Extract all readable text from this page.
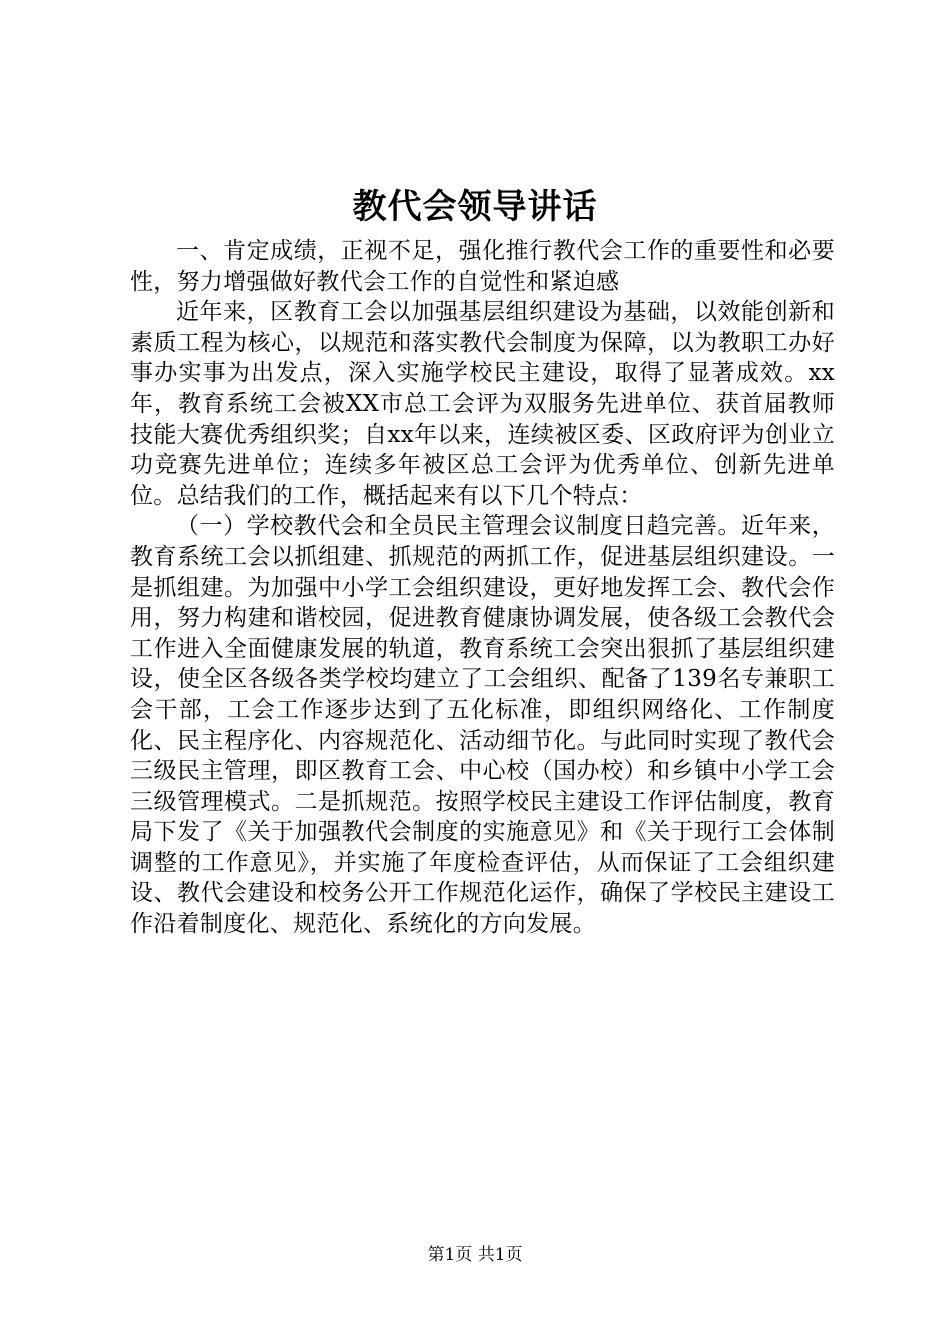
教代会领导讲话

一、肯定成绩，正视不足，强化推行教代会工作的重要性和必要性，努力增强做好教代会工作的自觉性和紧迫感

近年来，区教育工会以加强基层组织建设为基础，以效能创新和素质工程为核心，以规范和落实教代会制度为保障，以为教职工办好事办实事为出发点，深入实施学校民主建设，取得了显著成效。xx年，教育系统工会被XX市总工会评为双服务先进单位、获首届教师技能大赛优秀组织奖；自xx年以来，连续被区委、区政府评为创业立功竞赛先进单位；连续多年被区总工会评为优秀单位、创新先进单位。总结我们的工作，概括起来有以下几个特点：

（一）学校教代会和全员民主管理会议制度日趋完善。近年来，教育系统工会以抓组建、抓规范的两抓工作，促进基层组织建设。一是抓组建。为加强中小学工会组织建设，更好地发挥工会、教代会作用，努力构建和谐校园，促进教育健康协调发展，使各级工会教代会工作进入全面健康发展的轨道，教育系统工会突出狠抓了基层组织建设，使全区各级各类学校均建立了工会组织、配备了139名专兼职工会干部，工会工作逐步达到了五化标准，即组织网络化、工作制度化、民主程序化、内容规范化、活动细节化。与此同时实现了教代会三级民主管理，即区教育工会、中心校（国办校）和乡镇中小学工会三级管理模式。二是抓规范。按照学校民主建设工作评估制度，教育局下发了《关于加强教代会制度的实施意见》和《关于现行工会体制调整的工作意见》，并实施了年度检查评估，从而保证了工会组织建设、教代会建设和校务公开工作规范化运作，确保了学校民主建设工作沿着制度化、规范化、系统化的方向发展。

第1页 共1页
